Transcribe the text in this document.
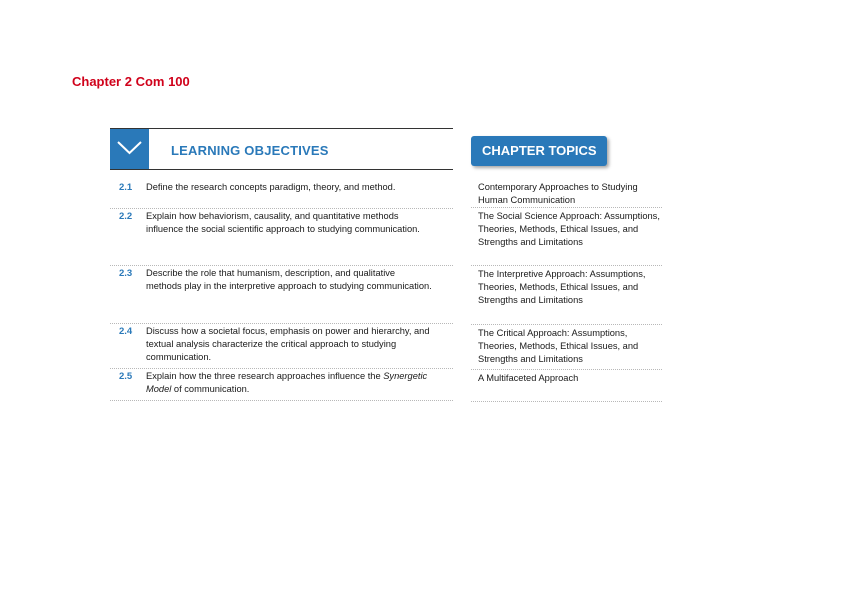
Chapter 2 Com 100
LEARNING OBJECTIVES
2.1	Define the research concepts paradigm, theory, and method.
2.2	Explain how behaviorism, causality, and quantitative methods influence the social scientific approach to studying communication.
2.3	Describe the role that humanism, description, and qualitative methods play in the interpretive approach to studying communication.
2.4	Discuss how a societal focus, emphasis on power and hierarchy, and textual analysis characterize the critical approach to studying communication.
2.5	Explain how the three research approaches influence the Synergetic Model of communication.
CHAPTER TOPICS
Contemporary Approaches to Studying Human Communication
The Social Science Approach: Assumptions, Theories, Methods, Ethical Issues, and Strengths and Limitations
The Interpretive Approach: Assumptions, Theories, Methods, Ethical Issues, and Strengths and Limitations
The Critical Approach: Assumptions, Theories, Methods, Ethical Issues, and Strengths and Limitations
A Multifaceted Approach
